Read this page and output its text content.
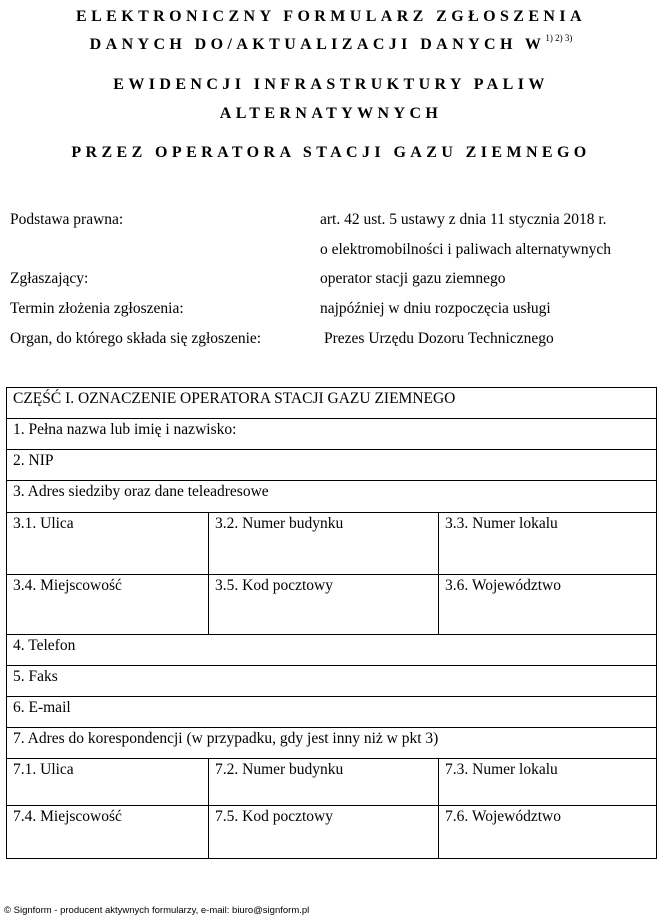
ELEKTRONICZNY FORMULARZ ZGŁOSZENIA
DANYCH DO/AKTUALIZACJI DANYCH $W^{1) 2) 3)}$
EWIDENCJI INFRASTRUKTURY PALIW
ALTERNATYWNYCH
PRZEZ OPERATORA STACJI GAZU ZIEMNEGO
Podstawa prawna:	art. 42 ust. 5 ustawy z dnia 11 stycznia 2018 r.
o elektromobilności i paliwach alternatywnych
Zgłaszający:	operator stacji gazu ziemnego
Termin złożenia zgłoszenia:	najpóźniej w dniu rozpoczęcia usługi
Organ, do którego składa się zgłoszenie:	Prezes Urzędu Dozoru Technicznego
CZĘŚĆ I. OZNACZENIE OPERATORA STACJI GAZU ZIEMNEGO		
1. Pełna nazwa lub imię i nazwisko:		
2. NIP		
3. Adres siedziby oraz dane teleadresowe		
3.1. Ulica	3.2. Numer budynku	3.3. Numer lokalu
3.4. Miejscowość	3.5. Kod pocztowy	3.6. Województwo
4. Telefon		
5. Faks		
6. E-mail		
7. Adres do korespondencji (w przypadku, gdy jest inny niż w pkt 3)		
7.1. Ulica	7.2. Numer budynku	7.3. Numer lokalu
7.4. Miejscowość	7.5. Kod pocztowy	7.6. Województwo
© Signform - producent aktywnych formularzy, e-mail: biuro@signform.pl
